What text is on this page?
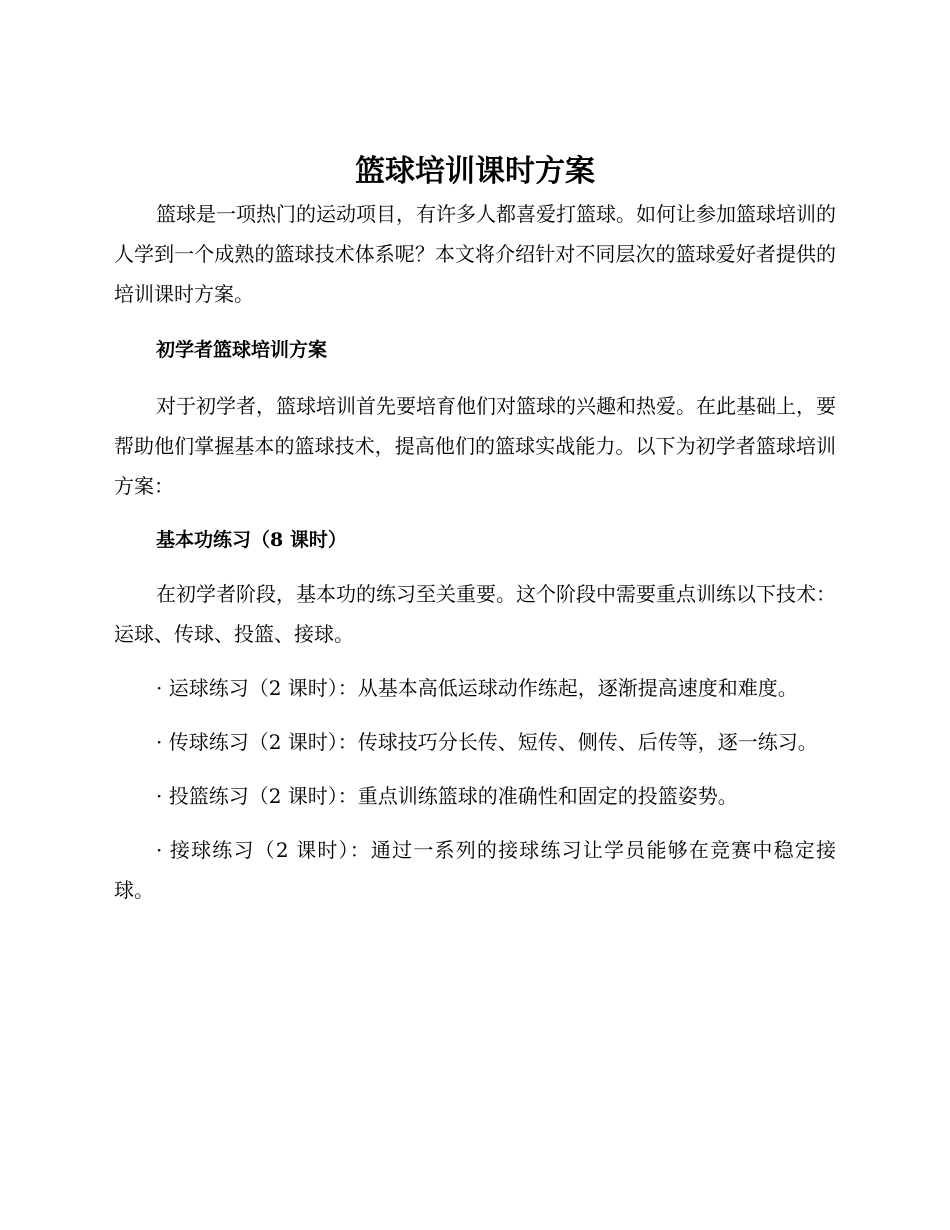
篮球培训课时方案

篮球是一项热门的运动项目，有许多人都喜爱打篮球。如何让参加篮球培训的人学到一个成熟的篮球技术体系呢？本文将介绍针对不同层次的篮球爱好者提供的培训课时方案。

初学者篮球培训方案

对于初学者，篮球培训首先要培育他们对篮球的兴趣和热爱。在此基础上，要帮助他们掌握基本的篮球技术，提高他们的篮球实战能力。以下为初学者篮球培训方案：

基本功练习（8 课时）

在初学者阶段，基本功的练习至关重要。这个阶段中需要重点训练以下技术：运球、传球、投篮、接球。

· 运球练习（2 课时）：从基本高低运球动作练起，逐渐提高速度和难度。

· 传球练习（2 课时）：传球技巧分长传、短传、侧传、后传等，逐一练习。

· 投篮练习（2 课时）：重点训练篮球的准确性和固定的投篮姿势。

· 接球练习（2 课时）：通过一系列的接球练习让学员能够在竞赛中稳定接球。
